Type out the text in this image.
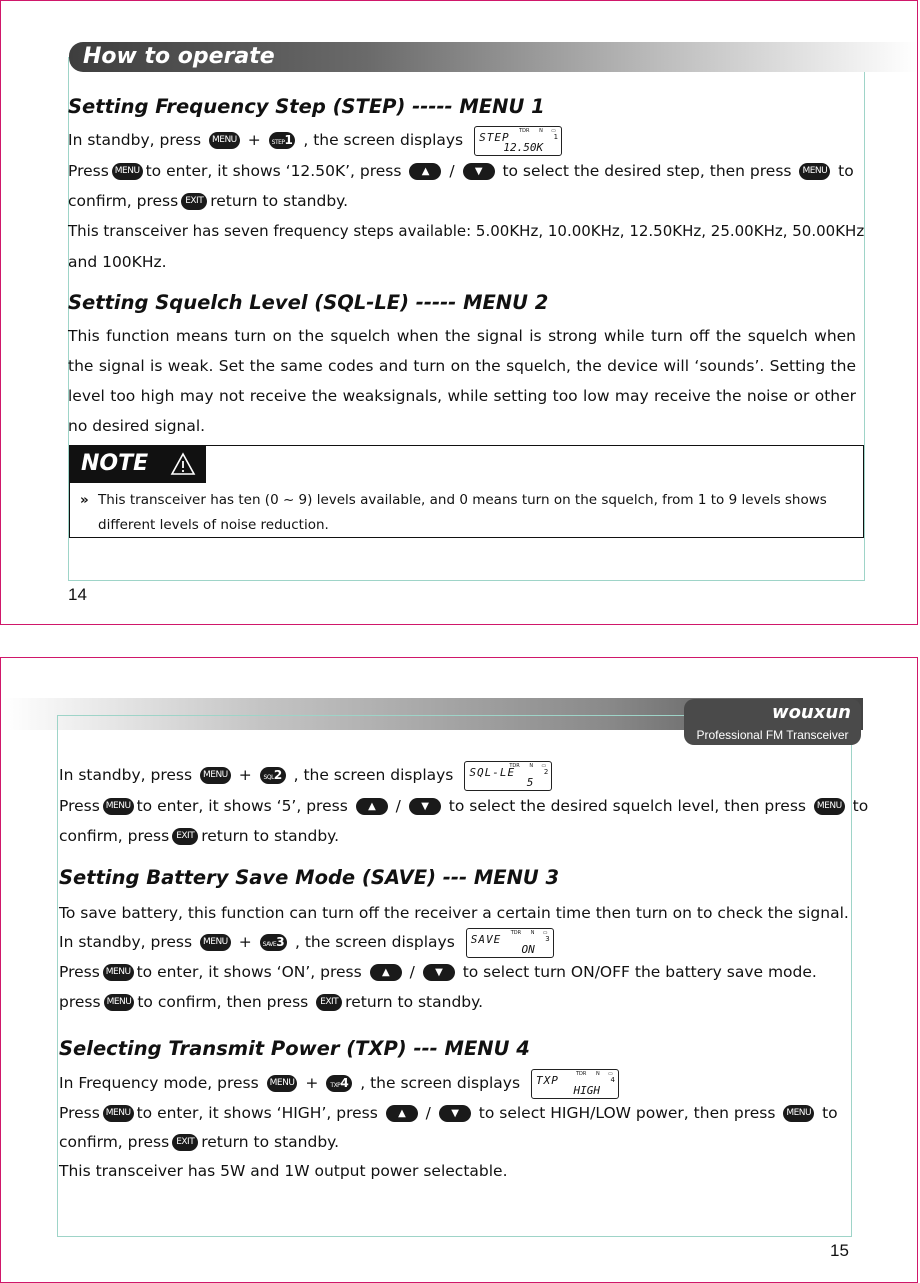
How to operate
Setting Frequency Step (STEP) ----- MENU 1
In standby, press MENU + STEP1 , the screen displays
TDR N ▭
STEP
12.50K
1
Press MENU to enter, it shows ‘12.50K’, press ▲ / ▼ to select the desired step, then press MENU to
confirm, press EXIT return to standby.
This transceiver has seven frequency steps available: 5.00KHz, 10.00KHz, 12.50KHz, 25.00KHz, 50.00KHz
and 100KHz.
Setting Squelch Level (SQL-LE) ----- MENU 2
This function means turn on the squelch when the signal is strong while turn off the squelch when the signal is weak. Set the same codes and turn on the squelch, the device will ‘sounds’. Setting the level too high may not receive the weaksignals, while setting too low may receive the noise or other no desired signal.
NOTE
» This transceiver has ten (0 ~ 9) levels available, and 0 means turn on the squelch, from 1 to 9 levels shows different levels of noise reduction.
14
wouxun
Professional FM Transceiver
In standby, press MENU + SQL2 , the screen displays
TDR N ▭
SQL-LE
5
2
Press MENU to enter, it shows ‘5’, press ▲ / ▼ to select the desired squelch level, then press MENU to
confirm, press EXIT return to standby.
Setting Battery Save Mode (SAVE) --- MENU 3
To save battery, this function can turn off the receiver a certain time then turn on to check the signal.
In standby, press MENU + SAVE3 , the screen displays
TDR N ▭
SAVE
ON
3
Press MENU to enter, it shows ‘ON’, press ▲ / ▼ to select turn ON/OFF the battery save mode.
press MENU to confirm, then press EXIT return to standby.
Selecting Transmit Power (TXP) --- MENU 4
In Frequency mode, press MENU + TXP4 , the screen displays
TDR N ▭
TXP
HIGH
4
Press MENU to enter, it shows ‘HIGH’, press ▲ / ▼ to select HIGH/LOW power, then press MENU to
confirm, press EXIT return to standby.
This transceiver has 5W and 1W output power selectable.
15
